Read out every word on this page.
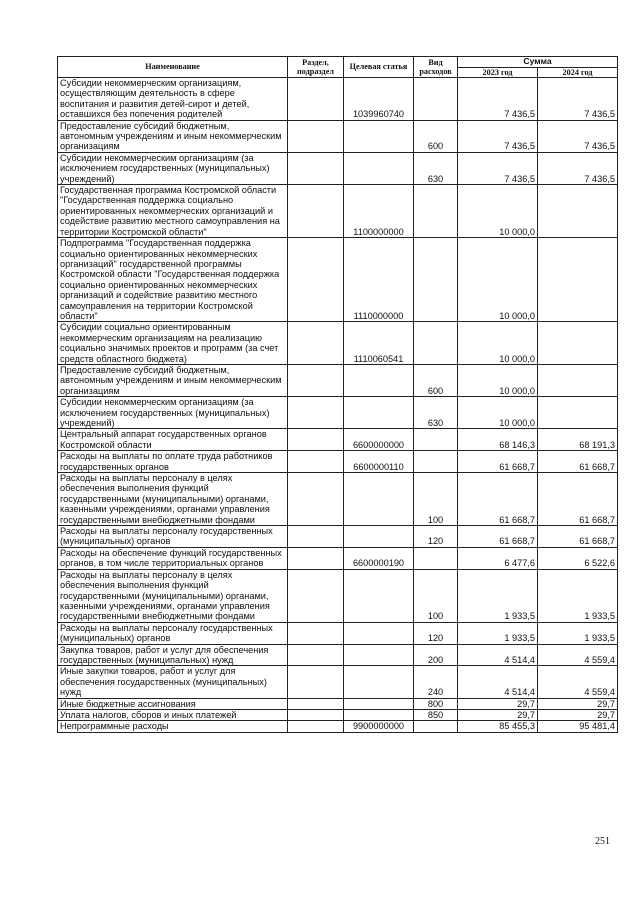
Наименование	Раздел, подраздел	Целевая статья	Вид расходов	Сумма	
				2023 год	2024 год
Субсидии некоммерческим организациям, осуществляющим деятельность в сфере воспитания и развития детей-сирот и детей, оставшихся без попечения родителей		1039960740		7 436,5	7 436,5
Предоставление субсидий бюджетным, автономным учреждениям и иным некоммерческим организациям			600	7 436,5	7 436,5
Субсидии некоммерческим организациям (за исключением государственных (муниципальных) учреждений)			630	7 436,5	7 436,5
Государственная программа Костромской области "Государственная поддержка социально ориентированных некоммерческих организаций и содействие развитию местного самоуправления на территории Костромской области"		1100000000		10 000,0	
Подпрограмма "Государственная поддержка социально ориентированных некоммерческих организаций" государственной программы Костромской области "Государственная поддержка социально ориентированных некоммерческих организаций и содействие развитию местного самоуправления на территории Костромской области"		1110000000		10 000,0	
Субсидии социально ориентированным некоммерческим организациям на реализацию социально значимых проектов и программ (за счет средств областного бюджета)		1110060541		10 000,0	
Предоставление субсидий бюджетным, автономным учреждениям и иным некоммерческим организациям			600	10 000,0	
Субсидии некоммерческим организациям (за исключением государственных (муниципальных) учреждений)			630	10 000,0	
Центральный аппарат государственных органов Костромской области		6600000000		68 146,3	68 191,3
Расходы на выплаты по оплате труда работников государственных органов		6600000110		61 668,7	61 668,7
Расходы на выплаты персоналу в целях обеспечения выполнения функций государственными (муниципальными) органами, казенными учреждениями, органами управления государственными внебюджетными фондами			100	61 668,7	61 668,7
Расходы на выплаты персоналу государственных (муниципальных) органов			120	61 668,7	61 668,7
Расходы на обеспечение функций государственных органов, в том числе территориальных органов		6600000190		6 477,6	6 522,6
Расходы на выплаты персоналу в целях обеспечения выполнения функций государственными (муниципальными) органами, казенными учреждениями, органами управления государственными внебюджетными фондами			100	1 933,5	1 933,5
Расходы на выплаты персоналу государственных (муниципальных) органов			120	1 933,5	1 933,5
Закупка товаров, работ и услуг для обеспечения государственных (муниципальных) нужд			200	4 514,4	4 559,4
Иные закупки товаров, работ и услуг для обеспечения государственных (муниципальных) нужд			240	4 514,4	4 559,4
Иные бюджетные ассигнования			800	29,7	29,7
Уплата налогов, сборов и иных платежей			850	29,7	29,7
Непрограммные расходы		9900000000		85 455,3	95 481,4
251
